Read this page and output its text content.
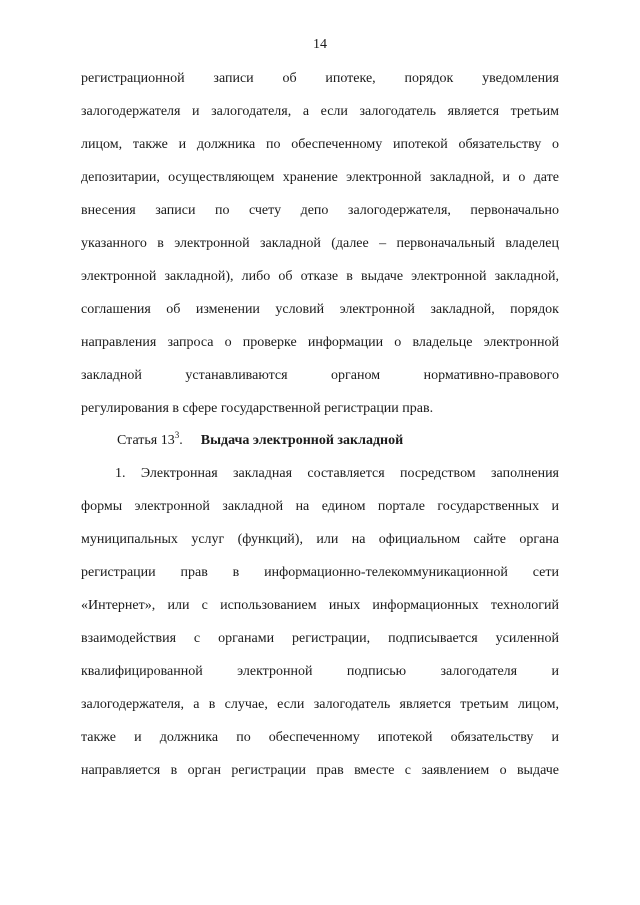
14
регистрационной записи об ипотеке, порядок уведомления
залогодержателя и залогодателя, а если залогодатель является третьим
лицом, также и должника по обеспеченному ипотекой обязательству о
депозитарии, осуществляющем хранение электронной закладной, и о дате
внесения записи по счету депо залогодержателя, первоначально
указанного в электронной закладной (далее – первоначальный владелец
электронной закладной), либо об отказе в выдаче электронной закладной,
соглашения об изменении условий электронной закладной, порядок
направления запроса о проверке информации о владельце электронной
закладной устанавливаются органом нормативно-правового
регулирования в сфере государственной регистрации прав.
Статья $13^3$. Выдача электронной закладной
1. Электронная закладная составляется посредством заполнения
формы электронной закладной на едином портале государственных и
муниципальных услуг (функций), или на официальном сайте органа
регистрации прав в информационно-телекоммуникационной сети
«Интернет», или с использованием иных информационных технологий
взаимодействия с органами регистрации, подписывается усиленной
квалифицированной электронной подписью залогодателя и
залогодержателя, а в случае, если залогодатель является третьим лицом,
также и должника по обеспеченному ипотекой обязательству и
направляется в орган регистрации прав вместе с заявлением о выдаче
